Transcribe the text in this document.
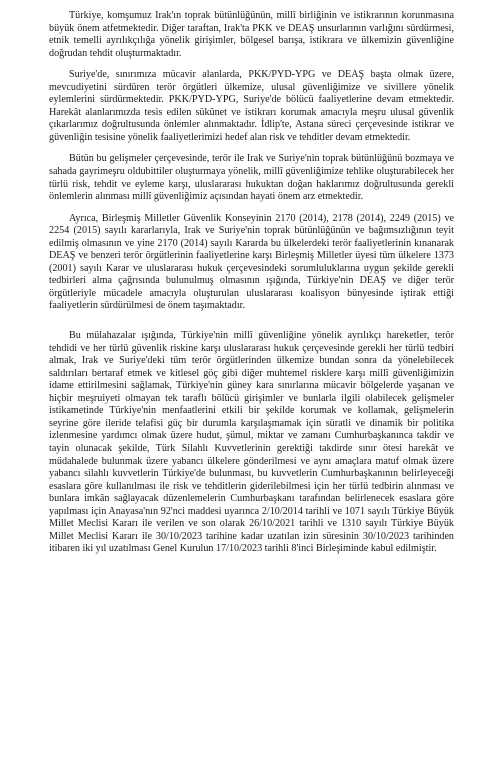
Türkiye, komşumuz Irak'ın toprak bütünlüğünün, millî birliğinin ve istikrarının korunmasına büyük önem atfetmektedir. Diğer taraftan, Irak'ta PKK ve DEAŞ unsurlarının varlığını sürdürmesi, etnik temelli ayrılıkçılığa yönelik girişimler, bölgesel barışa, istikrara ve ülkemizin güvenliğine doğrudan tehdit oluşturmaktadır.

Suriye'de, sınırımıza mücavir alanlarda, PKK/PYD-YPG ve DEAŞ başta olmak üzere, mevcudiyetini sürdüren terör örgütleri ülkemize, ulusal güvenliğimize ve sivillere yönelik eylemlerini sürdürmektedir. PKK/PYD-YPG, Suriye'de bölücü faaliyetlerine devam etmektedir. Harekât alanlarımızda tesis edilen sükûnet ve istikrarı korumak amacıyla meşru ulusal güvenlik çıkarlarımız doğrultusunda önlemler alınmaktadır. İdlip'te, Astana süreci çerçevesinde istikrar ve güvenliğin tesisine yönelik faaliyetlerimizi hedef alan risk ve tehditler devam etmektedir.

Bütün bu gelişmeler çerçevesinde, terör ile Irak ve Suriye'nin toprak bütünlüğünü bozmaya ve sahada gayrimeşru oldubittiler oluşturmaya yönelik, millî güvenliğimize tehlike oluşturabilecek her türlü risk, tehdit ve eyleme karşı, uluslararası hukuktan doğan haklarımız doğrultusunda gerekli önlemlerin alınması millî güvenliğimiz açısından hayati önem arz etmektedir.

Ayrıca, Birleşmiş Milletler Güvenlik Konseyinin 2170 (2014), 2178 (2014), 2249 (2015) ve 2254 (2015) sayılı kararlarıyla, Irak ve Suriye'nin toprak bütünlüğünün ve bağımsızlığının teyit edilmiş olmasının ve yine 2170 (2014) sayılı Kararda bu ülkelerdeki terör faaliyetlerinin kınanarak DEAŞ ve benzeri terör örgütlerinin faaliyetlerine karşı Birleşmiş Milletler üyesi tüm ülkelere 1373 (2001) sayılı Karar ve uluslararası hukuk çerçevesindeki sorumluluklarına uygun şekilde gerekli tedbirleri alma çağrısında bulunulmuş olmasının ışığında, Türkiye'nin DEAŞ ve diğer terör örgütleriyle mücadele amacıyla oluşturulan uluslararası koalisyon bünyesinde iştirak ettiği faaliyetlerin sürdürülmesi de önem taşımaktadır.

Bu mülahazalar ışığında, Türkiye'nin millî güvenliğine yönelik ayrılıkçı hareketler, terör tehdidi ve her türlü güvenlik riskine karşı uluslararası hukuk çerçevesinde gerekli her türlü tedbiri almak, Irak ve Suriye'deki tüm terör örgütlerinden ülkemize bundan sonra da yönelebilecek saldırıları bertaraf etmek ve kitlesel göç gibi diğer muhtemel risklere karşı millî güvenliğimizin idame ettirilmesini sağlamak, Türkiye'nin güney kara sınırlarına mücavir bölgelerde yaşanan ve hiçbir meşruiyeti olmayan tek taraflı bölücü girişimler ve bunlarla ilgili olabilecek gelişmeler istikametinde Türkiye'nin menfaatlerini etkili bir şekilde korumak ve kollamak, gelişmelerin seyrine göre ileride telafisi güç bir durumla karşılaşmamak için süratli ve dinamik bir politika izlenmesine yardımcı olmak üzere hudut, şümul, miktar ve zamanı Cumhurbaşkanınca takdir ve tayin olunacak şekilde, Türk Silahlı Kuvvetlerinin gerektiği takdirde sınır ötesi harekât ve müdahalede bulunmak üzere yabancı ülkelere gönderilmesi ve aynı amaçlara matuf olmak üzere yabancı silahlı kuvvetlerin Türkiye'de bulunması, bu kuvvetlerin Cumhurbaşkanının belirleyeceği esaslara göre kullanılması ile risk ve tehditlerin giderilebilmesi için her türlü tedbirin alınması ve bunlara imkân sağlayacak düzenlemelerin Cumhurbaşkanı tarafından belirlenecek esaslara göre yapılması için Anayasa'nın 92'nci maddesi uyarınca 2/10/2014 tarihli ve 1071 sayılı Türkiye Büyük Millet Meclisi Kararı ile verilen ve son olarak 26/10/2021 tarihli ve 1310 sayılı Türkiye Büyük Millet Meclisi Kararı ile 30/10/2023 tarihine kadar uzatılan izin süresinin 30/10/2023 tarihinden itibaren iki yıl uzatılması Genel Kurulun 17/10/2023 tarihli 8'inci Birleşiminde kabul edilmiştir.
